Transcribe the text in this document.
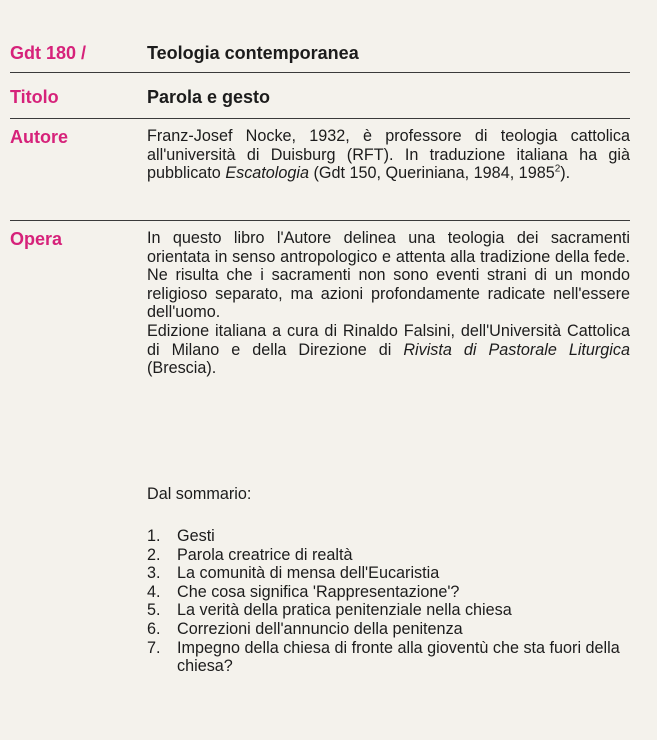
Gdt 180 /	Teologia contemporanea
Titolo	Parola e gesto
Autore	Franz-Josef Nocke, 1932, è professore di teologia cattolica all'università di Duisburg (RFT). In traduzione italiana ha già pubblicato Escatologia (Gdt 150, Queriniana, 1984, 1985$^2$).

Opera	In questo libro l'Autore delinea una teologia dei sacramenti orientata in senso antropologico e attenta alla tradizione della fede. Ne risulta che i sacramenti non sono eventi strani di un mondo religioso separato, ma azioni profondamente radicate nell'essere dell'uomo.

Edizione italiana a cura di Rinaldo Falsini, dell'Università Cattolica di Milano e della Direzione di Rivista di Pastorale Liturgica (Brescia).

Dal sommario:
1.	Gesti
2.	Parola creatrice di realtà
3.	La comunità di mensa dell'Eucaristia
4.	Che cosa significa 'Rappresentazione'?
5.	La verità della pratica penitenziale nella chiesa
6.	Correzioni dell'annuncio della penitenza
7.	Impegno della chiesa di fronte alla gioventù che sta fuori della chiesa?
